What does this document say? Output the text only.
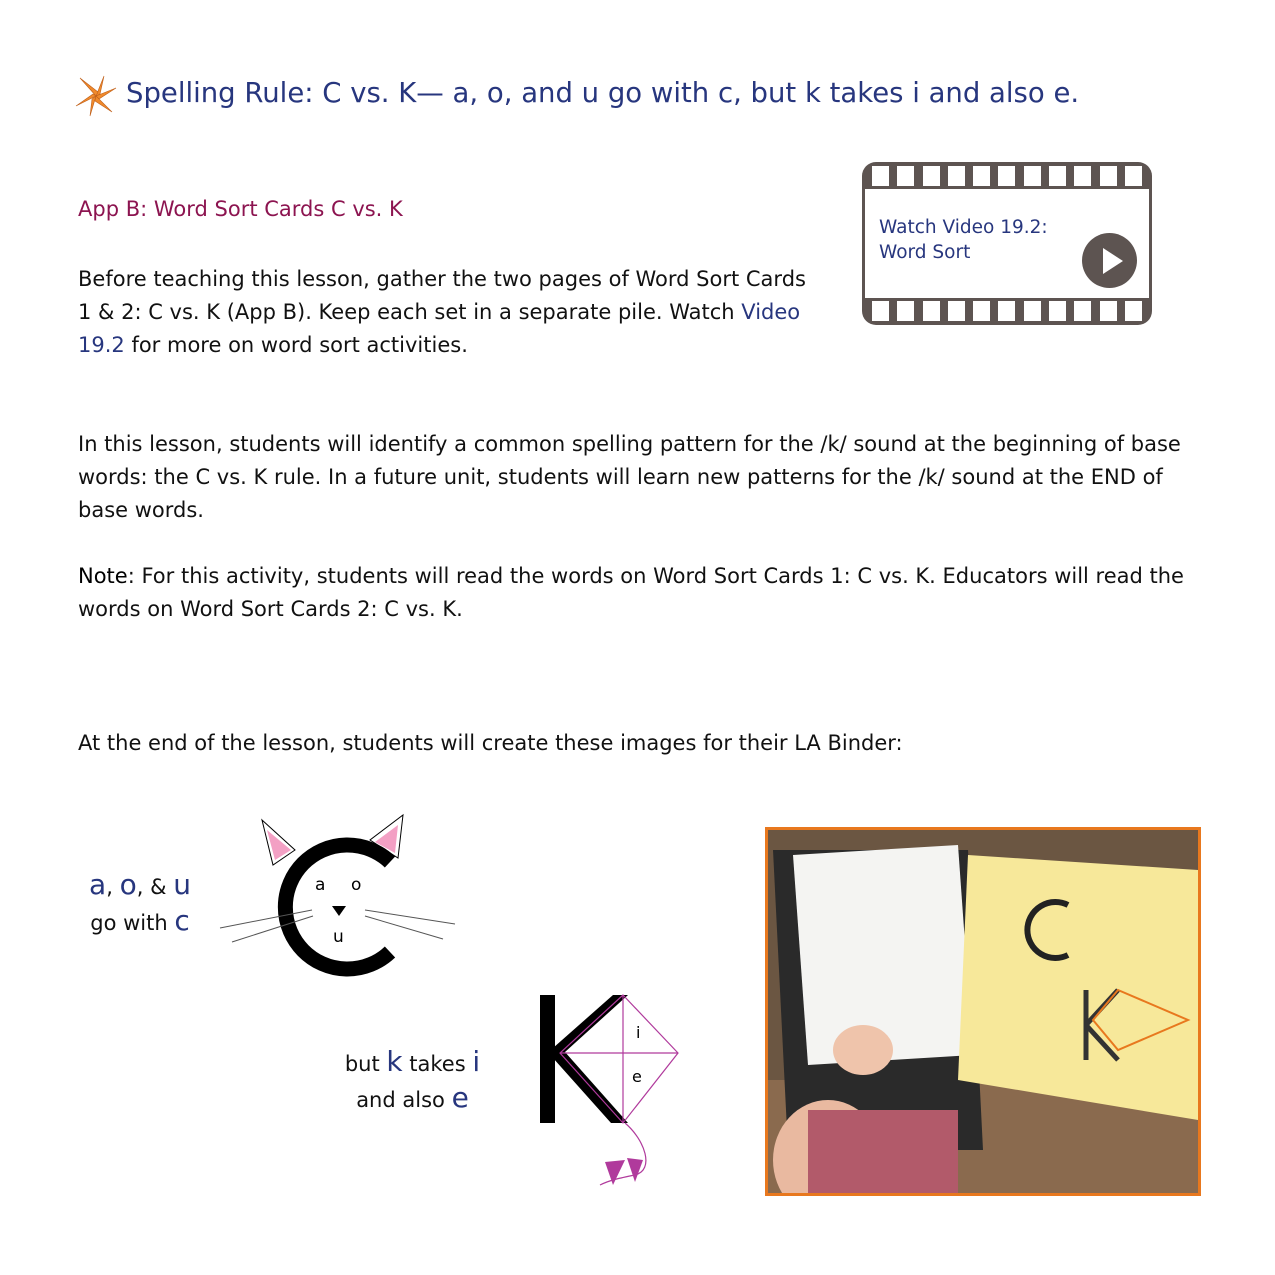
Spelling Rule: C vs. K— a, o, and u go with c, but k takes i and also e.
App B: Word Sort Cards C vs. K
Watch Video 19.2:
Word Sort
Before teaching this lesson, gather the two pages of Word Sort Cards 1 & 2: C vs. K (App B). Keep each set in a separate pile. Watch Video 19.2 for more on word sort activities.
In this lesson, students will identify a common spelling pattern for the /k/ sound at the beginning of base words: the C vs. K rule. In a future unit, students will learn new patterns for the /k/ sound at the END of base words.
Note: For this activity, students will read the words on Word Sort Cards 1: C vs. K. Educators will read the words on Word Sort Cards 2: C vs. K.
At the end of the lesson, students will create these images for their LA Binder:
a, o, & u
go with c
a o
u
but k takes i
and also e
i
e
